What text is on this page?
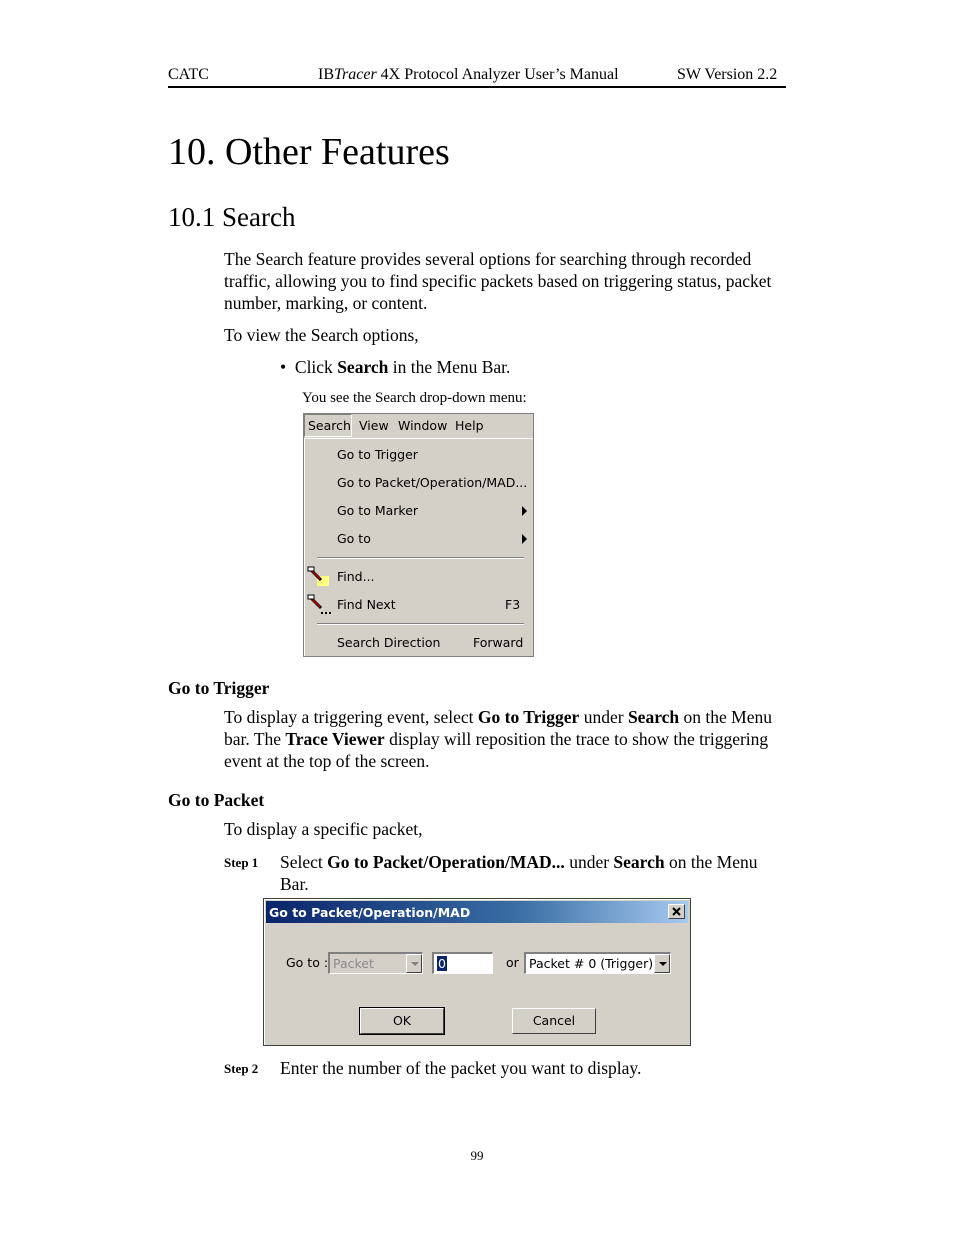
CATC	IBTracer 4X Protocol Analyzer User’s Manual	SW Version 2.2
10. Other Features
10.1 Search
The Search feature provides several options for searching through recorded traffic, allowing you to find specific packets based on triggering status, packet number, marking, or content.
To view the Search options,
• Click Search in the Menu Bar.
You see the Search drop-down menu:
Search View Window Help
Go to Trigger
Go to Packet/Operation/MAD...
Go to Marker
Go to
Find...
Find Next	F3
Search Direction	Forward
Go to Trigger
To display a triggering event, select Go to Trigger under Search on the Menu bar. The Trace Viewer display will reposition the trace to show the triggering event at the top of the screen.
Go to Packet
To display a specific packet,
Step 1 Select Go to Packet/Operation/MAD... under Search on the Menu Bar.
Go to Packet/Operation/MAD
Go to : Packet	0	or Packet # 0 (Trigger)
OK	Cancel
Step 2 Enter the number of the packet you want to display.
99
